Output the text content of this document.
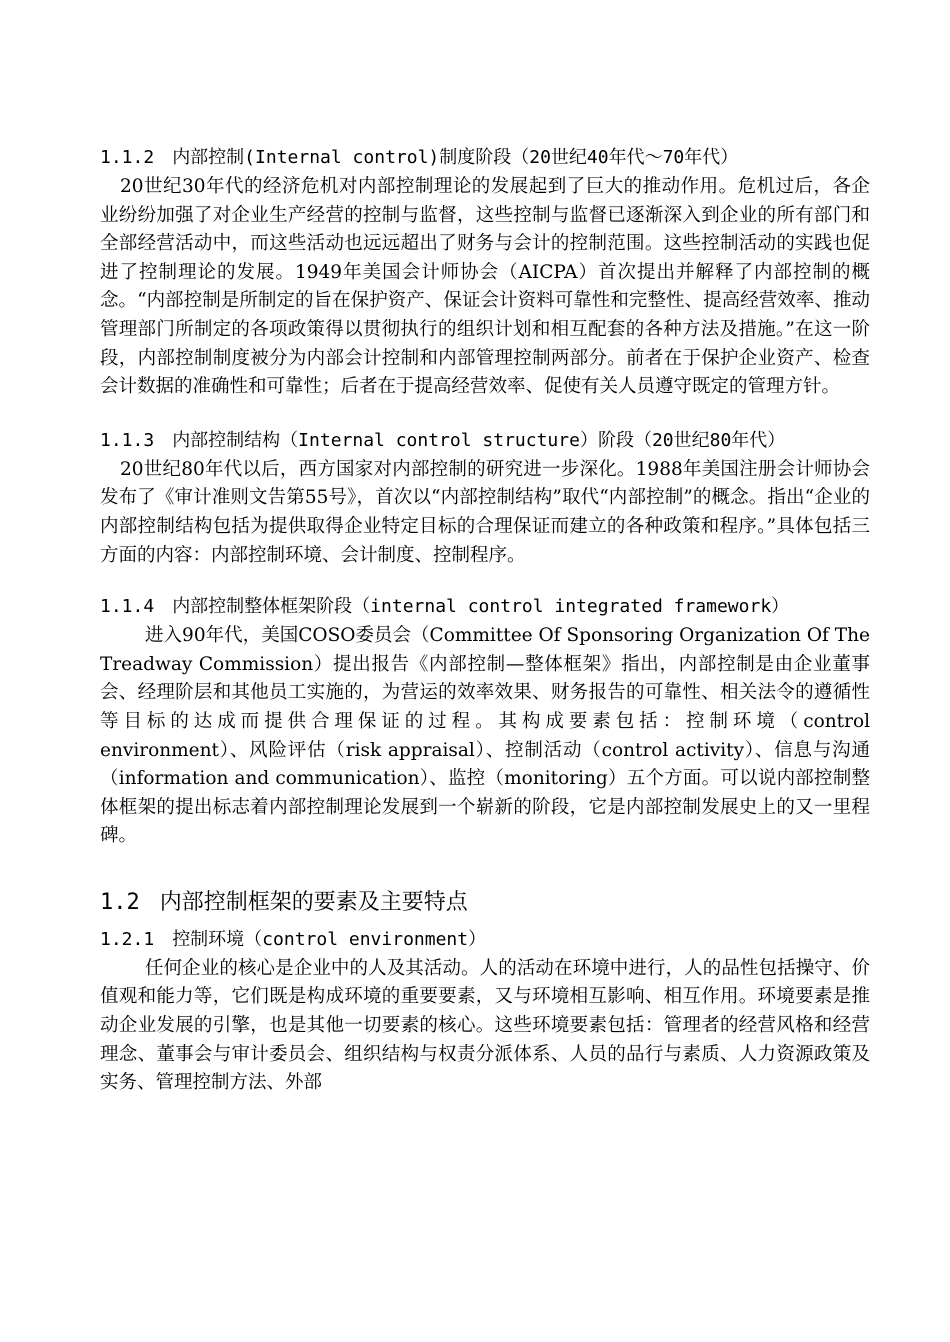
1.1.2 内部控制(Internal control)制度阶段（20世纪40年代～70年代）

20世纪30年代的经济危机对内部控制理论的发展起到了巨大的推动作用。危机过后，各企业纷纷加强了对企业生产经营的控制与监督，这些控制与监督已逐渐深入到企业的所有部门和全部经营活动中，而这些活动也远远超出了财务与会计的控制范围。这些控制活动的实践也促进了控制理论的发展。1949年美国会计师协会（AICPA）首次提出并解释了内部控制的概念。“内部控制是所制定的旨在保护资产、保证会计资料可靠性和完整性、提高经营效率、推动管理部门所制定的各项政策得以贯彻执行的组织计划和相互配套的各种方法及措施。”在这一阶段，内部控制制度被分为内部会计控制和内部管理控制两部分。前者在于保护企业资产、检查会计数据的准确性和可靠性；后者在于提高经营效率、促使有关人员遵守既定的管理方针。

1.1.3 内部控制结构（Internal control structure）阶段（20世纪80年代）

20世纪80年代以后，西方国家对内部控制的研究进一步深化。1988年美国注册会计师协会发布了《审计准则文告第55号》，首次以“内部控制结构”取代“内部控制”的概念。指出“企业的内部控制结构包括为提供取得企业特定目标的合理保证而建立的各种政策和程序。”具体包括三方面的内容：内部控制环境、会计制度、控制程序。

1.1.4 内部控制整体框架阶段（internal control integrated framework）

进入90年代，美国COSO委员会（Committee Of Sponsoring Organization Of The Treadway Commission）提出报告《内部控制—整体框架》指出，内部控制是由企业董事会、经理阶层和其他员工实施的，为营运的效率效果、财务报告的可靠性、相关法令的遵循性等目标的达成而提供合理保证的过程。其构成要素包括：控制环境（control environment）、风险评估（risk appraisal）、控制活动（control activity）、信息与沟通（information and communication）、监控（monitoring）五个方面。可以说内部控制整体框架的提出标志着内部控制理论发展到一个崭新的阶段，它是内部控制发展史上的又一里程碑。

1.2 内部控制框架的要素及主要特点
1.2.1 控制环境（control environment）

任何企业的核心是企业中的人及其活动。人的活动在环境中进行，人的品性包括操守、价值观和能力等，它们既是构成环境的重要要素，又与环境相互影响、相互作用。环境要素是推动企业发展的引擎，也是其他一切要素的核心。这些环境要素包括：管理者的经营风格和经营理念、董事会与审计委员会、组织结构与权责分派体系、人员的品行与素质、人力资源政策及实务、管理控制方法、外部
